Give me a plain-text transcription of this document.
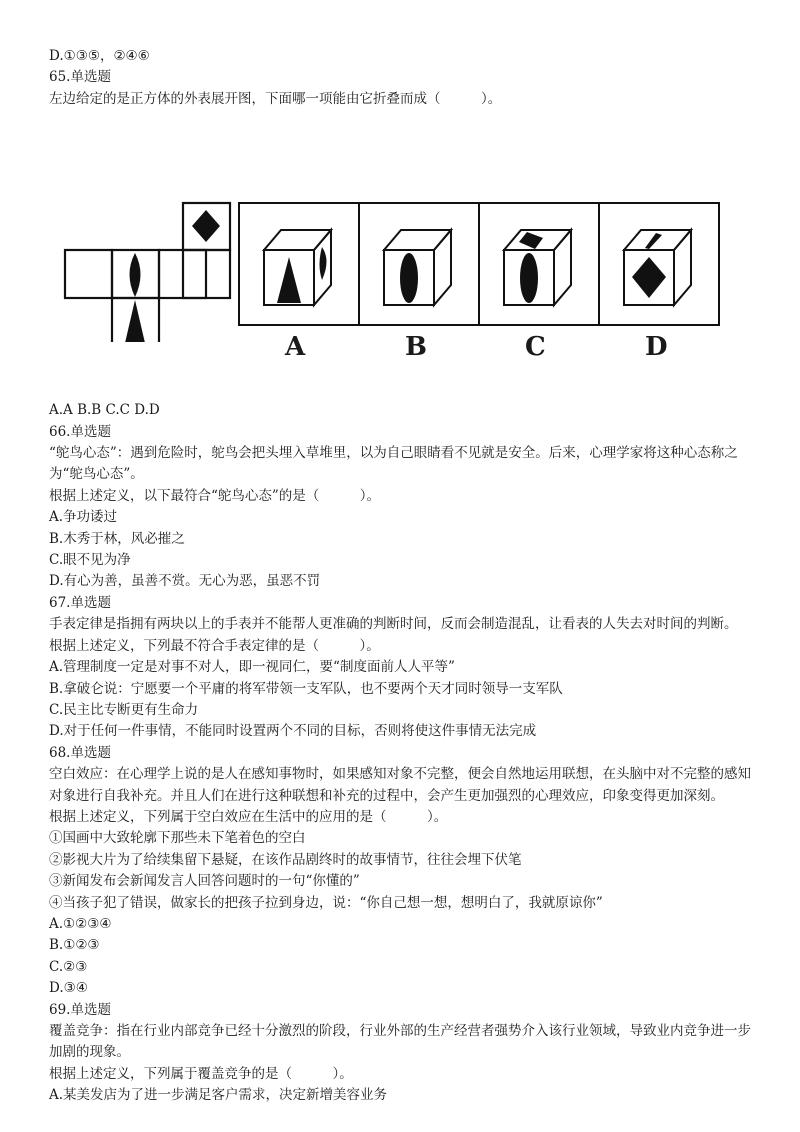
D.①③⑤，②④⑥
65.单选题
左边给定的是正方体的外表展开图，下面哪一项能由它折叠而成（　　　）。
A	B	C	D
A.A B.B C.C D.D
66.单选题
“鸵鸟心态”：遇到危险时，鸵鸟会把头埋入草堆里，以为自己眼睛看不见就是安全。后来，心理学家将这种心态称之为“鸵鸟心态”。
根据上述定义，以下最符合“鸵鸟心态”的是（　　　）。
A.争功诿过
B.木秀于林，风必摧之
C.眼不见为净
D.有心为善，虽善不赏。无心为恶，虽恶不罚
67.单选题
手表定律是指拥有两块以上的手表并不能帮人更准确的判断时间，反而会制造混乱，让看表的人失去对时间的判断。
根据上述定义，下列最不符合手表定律的是（　　　）。
A.管理制度一定是对事不对人，即一视同仁，要“制度面前人人平等”
B.拿破仑说：宁愿要一个平庸的将军带领一支军队，也不要两个天才同时领导一支军队
C.民主比专断更有生命力
D.对于任何一件事情，不能同时设置两个不同的目标，否则将使这件事情无法完成
68.单选题
空白效应：在心理学上说的是人在感知事物时，如果感知对象不完整，便会自然地运用联想，在头脑中对不完整的感知对象进行自我补充。并且人们在进行这种联想和补充的过程中，会产生更加强烈的心理效应，印象变得更加深刻。
根据上述定义，下列属于空白效应在生活中的应用的是（　　　）。
①国画中大致轮廓下那些未下笔着色的空白
②影视大片为了给续集留下悬疑，在该作品剧终时的故事情节，往往会埋下伏笔
③新闻发布会新闻发言人回答问题时的一句“你懂的”
④当孩子犯了错误，做家长的把孩子拉到身边，说：“你自己想一想，想明白了，我就原谅你”
A.①②③④
B.①②③
C.②③
D.③④
69.单选题
覆盖竞争：指在行业内部竞争已经十分激烈的阶段，行业外部的生产经营者强势介入该行业领域，导致业内竞争进一步加剧的现象。
根据上述定义，下列属于覆盖竞争的是（　　　）。
A.某美发店为了进一步满足客户需求，决定新增美容业务
